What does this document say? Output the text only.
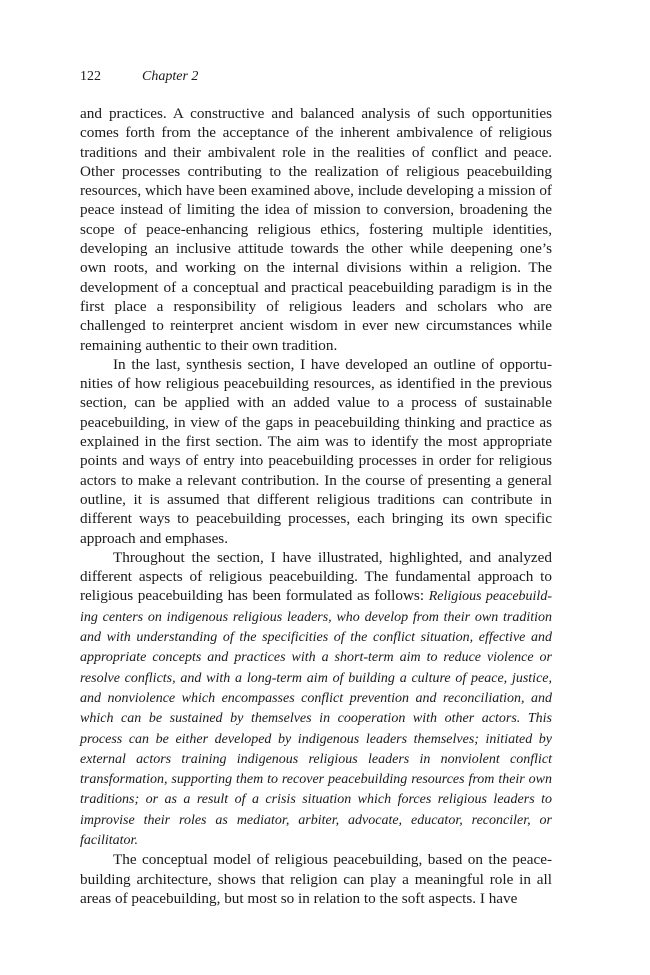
122	Chapter 2

and practices. A constructive and balanced analysis of such opportunities comes forth from the acceptance of the inherent ambivalence of religious traditions and their ambivalent role in the realities of conflict and peace. Other processes contributing to the realization of religious peacebuilding resources, which have been examined above, include developing a mission of peace instead of limiting the idea of mission to conversion, broadening the scope of peace-enhancing religious ethics, fostering multiple identities, developing an inclusive attitude towards the other while deepening one’s own roots, and working on the internal divisions within a religion. The development of a conceptual and practical peacebuilding paradigm is in the first place a responsibility of religious leaders and scholars who are challenged to reinterpret ancient wisdom in ever new circumstances while remaining authentic to their own tradition.

In the last, synthesis section, I have developed an outline of opportunities of how religious peacebuilding resources, as identified in the previous section, can be applied with an added value to a process of sustainable peacebuilding, in view of the gaps in peacebuilding thinking and practice as explained in the first section. The aim was to identify the most appropriate points and ways of entry into peacebuilding processes in order for religious actors to make a relevant contribution. In the course of presenting a general outline, it is assumed that different religious traditions can contribute in different ways to peacebuilding processes, each bringing its own specific approach and emphases.

Throughout the section, I have illustrated, highlighted, and analyzed different aspects of religious peacebuilding. The fundamental approach to religious peacebuilding has been formulated as follows: Religious peacebuilding centers on indigenous religious leaders, who develop from their own tradition and with understanding of the specificities of the conflict situation, effective and appropriate concepts and practices with a short-term aim to reduce violence or resolve conflicts, and with a long-term aim of building a culture of peace, justice, and nonviolence which encompasses conflict prevention and reconciliation, and which can be sustained by themselves in cooperation with other actors. This process can be either developed by indigenous leaders themselves; initiated by external actors training indigenous religious leaders in nonviolent conflict transformation, supporting them to recover peacebuilding resources from their own traditions; or as a result of a crisis situation which forces religious leaders to improvise their roles as mediator, arbiter, advocate, educator, reconciler, or facilitator.

The conceptual model of religious peacebuilding, based on the peacebuilding architecture, shows that religion can play a meaningful role in all areas of peacebuilding, but most so in relation to the soft aspects. I have
